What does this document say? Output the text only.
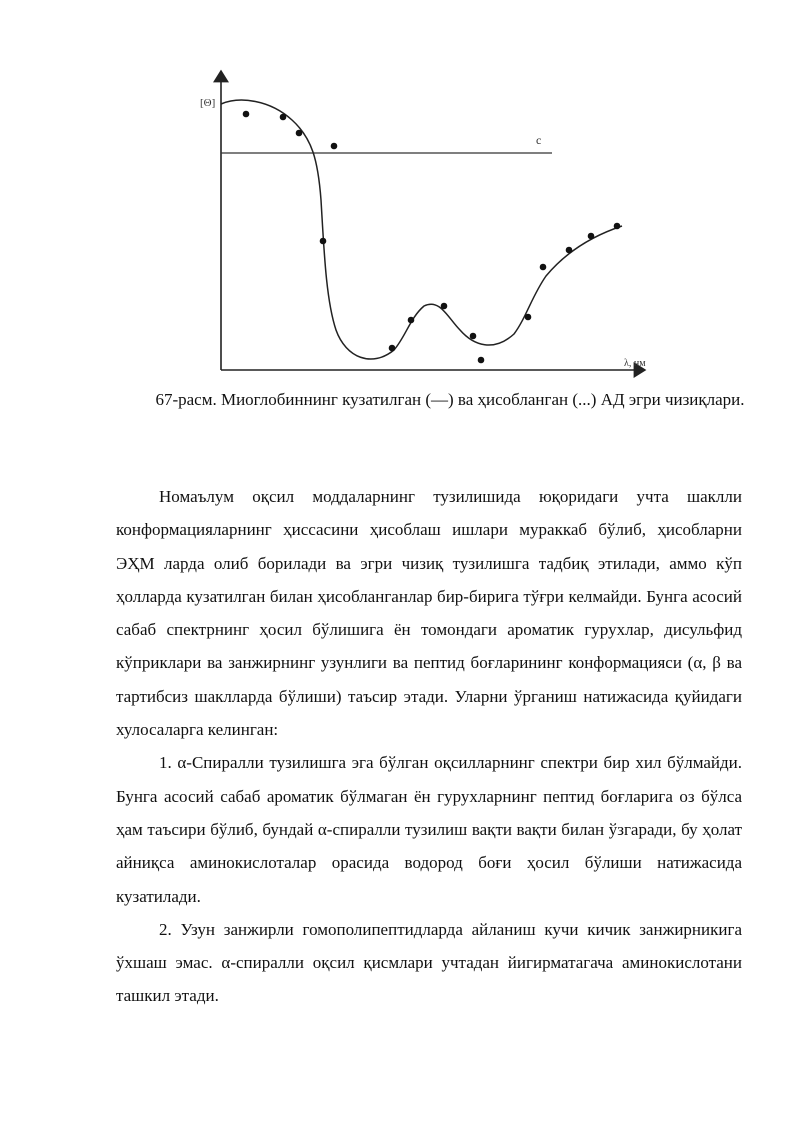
[Θ]
λ, нм
с

67-расм. Миоглобиннинг кузатилган (—) ва ҳисобланган (...) АД эгри чизиқлари.

Номаълум оқсил моддаларнинг тузилишида юқоридаги учта шаклли конформацияларнинг ҳиссасини ҳисоблаш ишлари мураккаб бўлиб, ҳисобларни ЭҲМ ларда олиб борилади ва эгри чизиқ тузилишга тадбиқ этилади, аммо кўп ҳолларда кузатилган билан ҳисобланганлар бир-бирига тўғри келмайди. Бунга асосий сабаб спектрнинг ҳосил бўлишига ён томондаги ароматик гурухлар, дисульфид кўприклари ва занжирнинг узунлиги ва пептид боғларининг конформацияси (α, β ва тартибсиз шаклларда бўлиши) таъсир этади. Уларни ўрганиш натижасида қуйидаги хулосаларга келинган:

1. α-Спиралли тузилишга эга бўлган оқсилларнинг спектри бир хил бўлмайди. Бунга асосий сабаб ароматик бўлмаган ён гурухларнинг пептид боғларига оз бўлса ҳам таъсири бўлиб, бундай α-спиралли тузилиш вақти вақти билан ўзгаради, бу ҳолат айниқса аминокислоталар орасида водород боғи ҳосил бўлиши натижасида кузатилади.

2. Узун занжирли гомополипептидларда айланиш кучи кичик занжирникига ўхшаш эмас. α-спиралли оқсил қисмлари учтадан йигирматагача аминокислотани ташкил этади.
